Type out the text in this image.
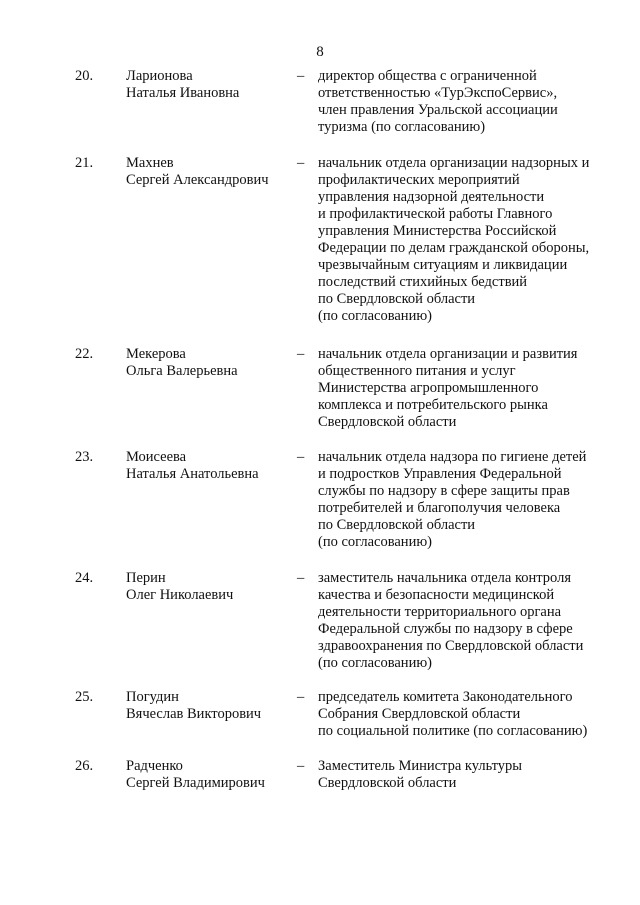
8
20. Ларионова
Наталья Ивановна
– директор общества с ограниченной
ответственностью «ТурЭкспоСервис»,
член правления Уральской ассоциации
туризма (по согласованию)
21. Махнев
Сергей Александрович
– начальник отдела организации надзорных и
профилактических мероприятий
управления надзорной деятельности
и профилактической работы Главного
управления Министерства Российской
Федерации по делам гражданской обороны,
чрезвычайным ситуациям и ликвидации
последствий стихийных бедствий
по Свердловской области
(по согласованию)
22. Мекерова
Ольга Валерьевна
– начальник отдела организации и развития
общественного питания и услуг
Министерства агропромышленного
комплекса и потребительского рынка
Свердловской области
23. Моисеева
Наталья Анатольевна
– начальник отдела надзора по гигиене детей
и подростков Управления Федеральной
службы по надзору в сфере защиты прав
потребителей и благополучия человека
по Свердловской области
(по согласованию)
24. Перин
Олег Николаевич
– заместитель начальника отдела контроля
качества и безопасности медицинской
деятельности территориального органа
Федеральной службы по надзору в сфере
здравоохранения по Свердловской области
(по согласованию)
25. Погудин
Вячеслав Викторович
– председатель комитета Законодательного
Собрания Свердловской области
по социальной политике (по согласованию)
26. Радченко
Сергей Владимирович
– Заместитель Министра культуры
Свердловской области
